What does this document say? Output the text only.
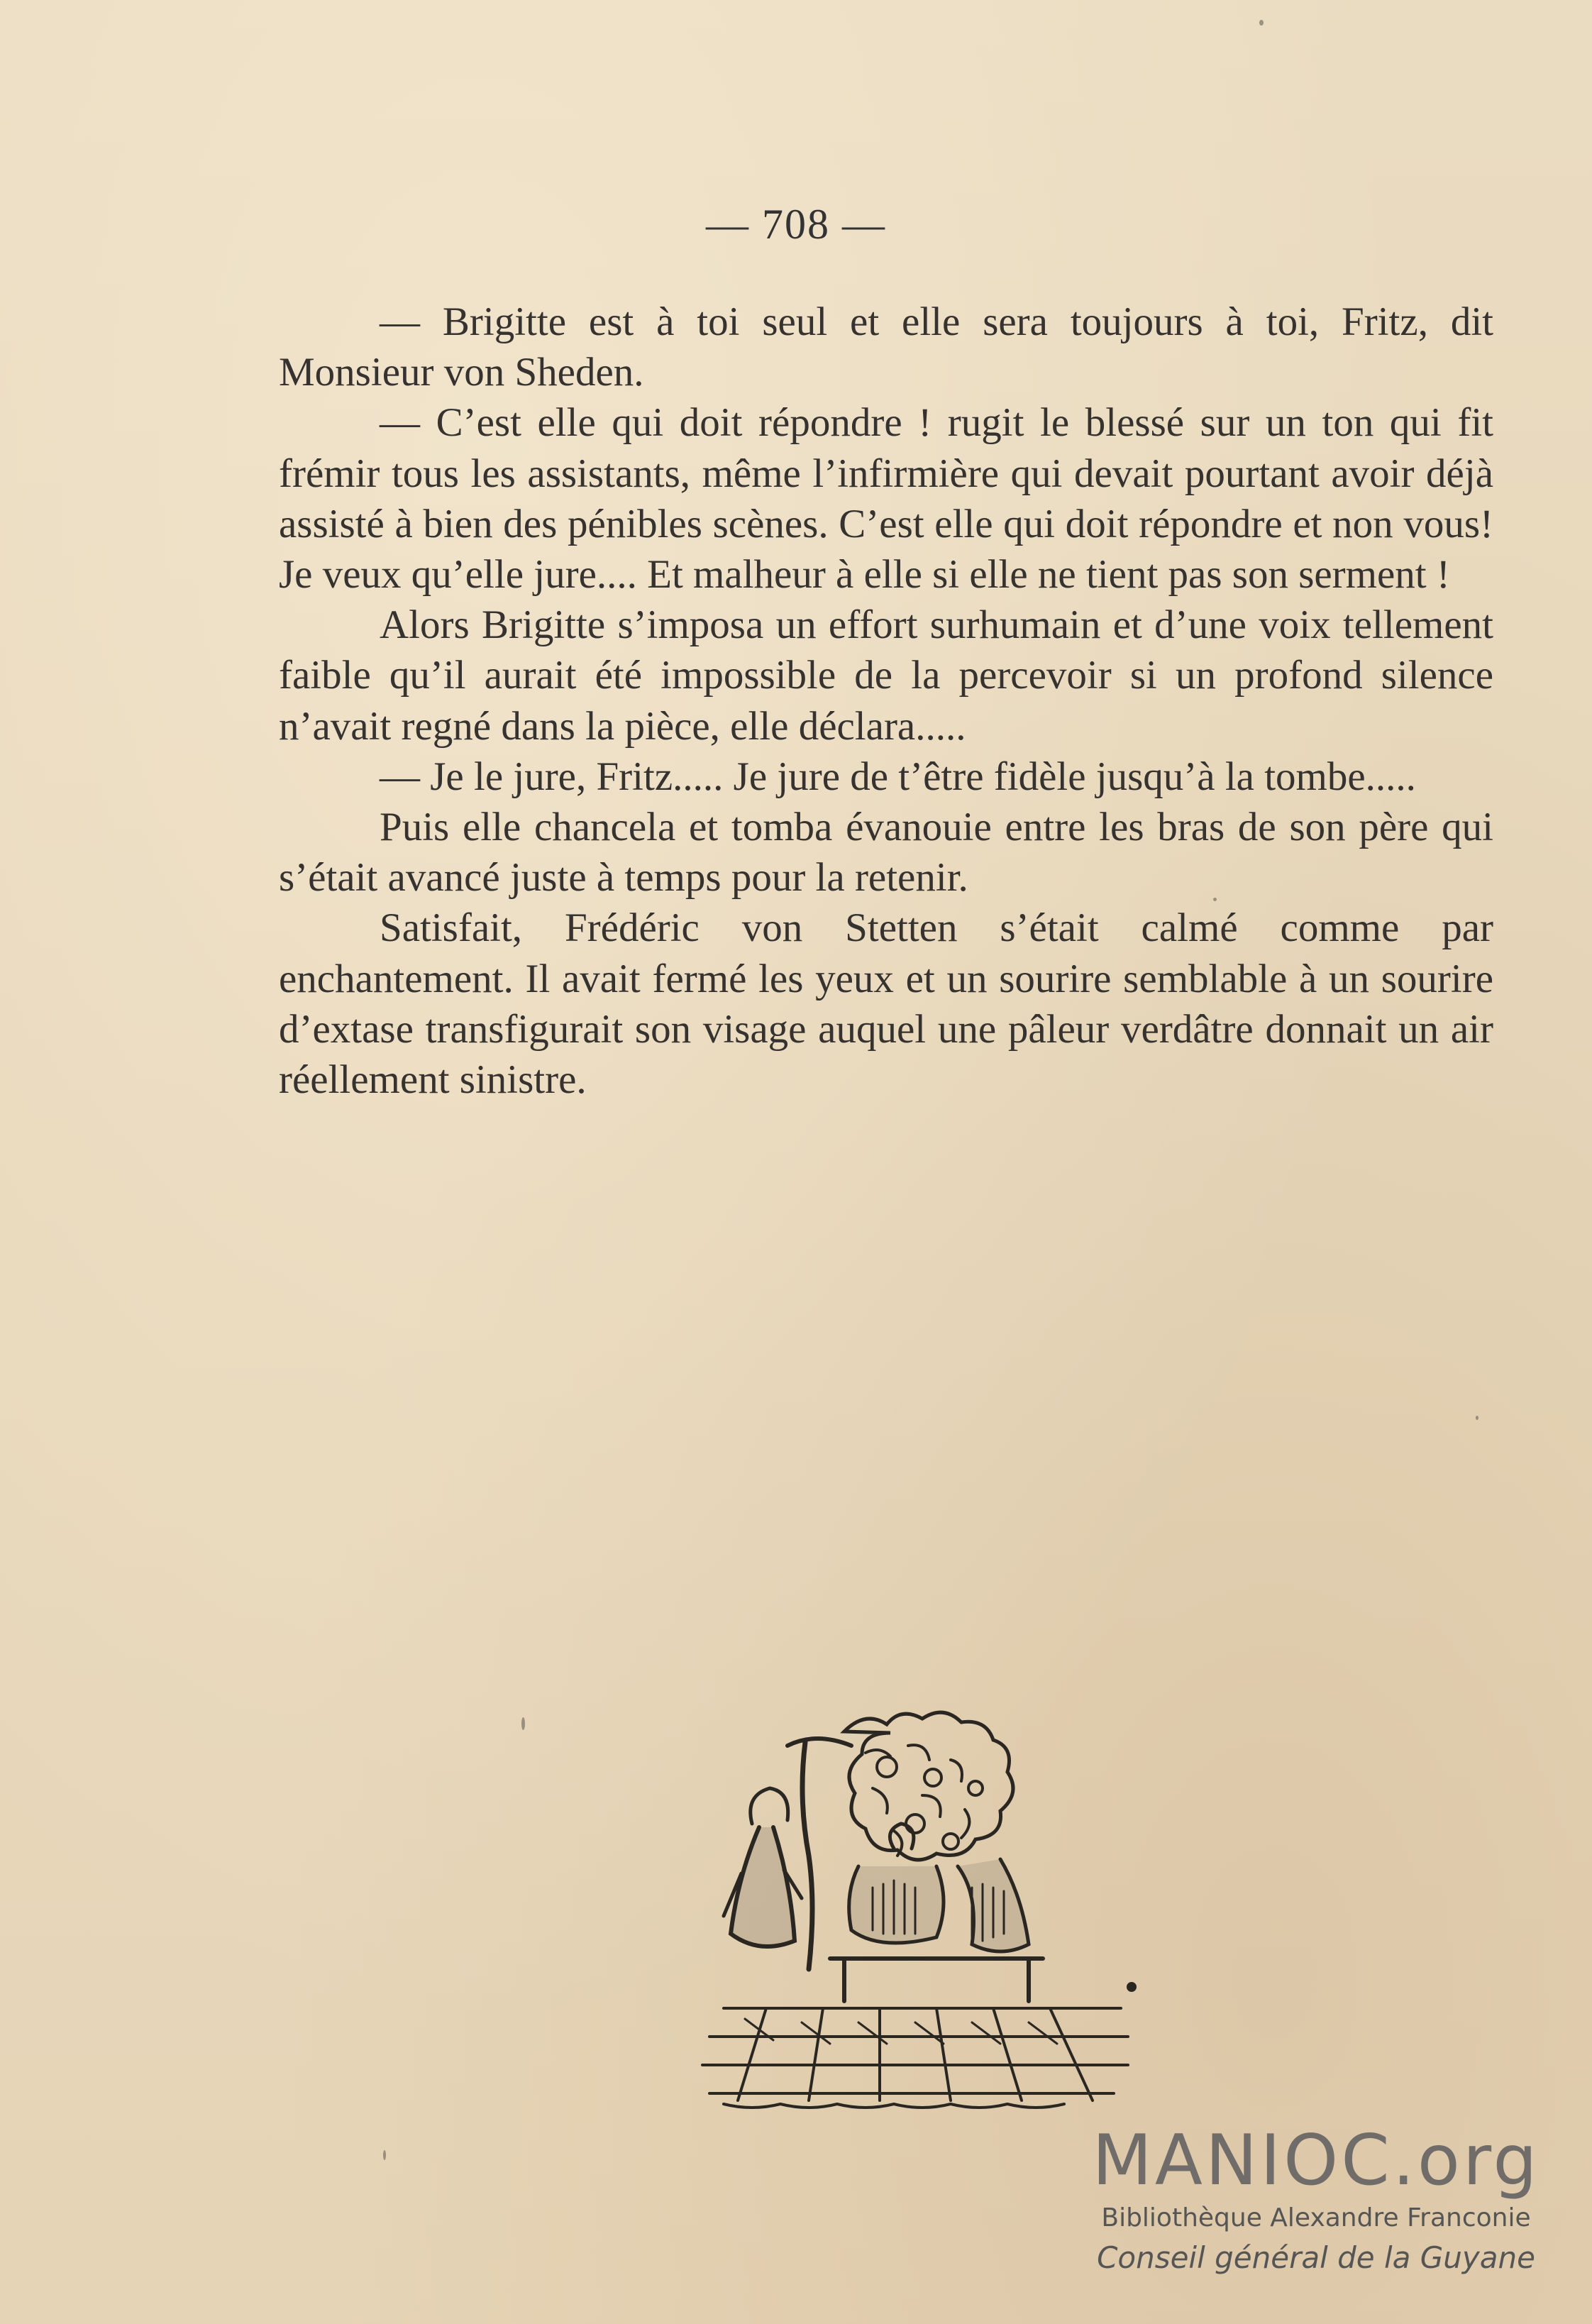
— 708 —

— Brigitte est à toi seul et elle sera toujours à toi, Fritz, dit Monsieur von Sheden.

— C’est elle qui doit répondre ! rugit le blessé sur un ton qui fit frémir tous les assistants, même l’infirmière qui devait pourtant avoir déjà assisté à bien des pénibles scènes. C’est elle qui doit répondre et non vous! Je veux qu’elle jure.... Et malheur à elle si elle ne tient pas son serment !

Alors Brigitte s’imposa un effort surhumain et d’une voix tellement faible qu’il aurait été impossible de la percevoir si un profond silence n’avait regné dans la pièce, elle déclara.....

— Je le jure, Fritz..... Je jure de t’être fidèle jusqu’à la tombe.....

Puis elle chancela et tomba évanouie entre les bras de son père qui s’était avancé juste à temps pour la retenir.

Satisfait, Frédéric von Stetten s’était calmé comme par enchantement. Il avait fermé les yeux et un sourire semblable à un sourire d’extase transfigurait son visage auquel une pâleur verdâtre donnait un air réellement sinistre.

MANIOC.org
Bibliothèque Alexandre Franconie
Conseil général de la Guyane
